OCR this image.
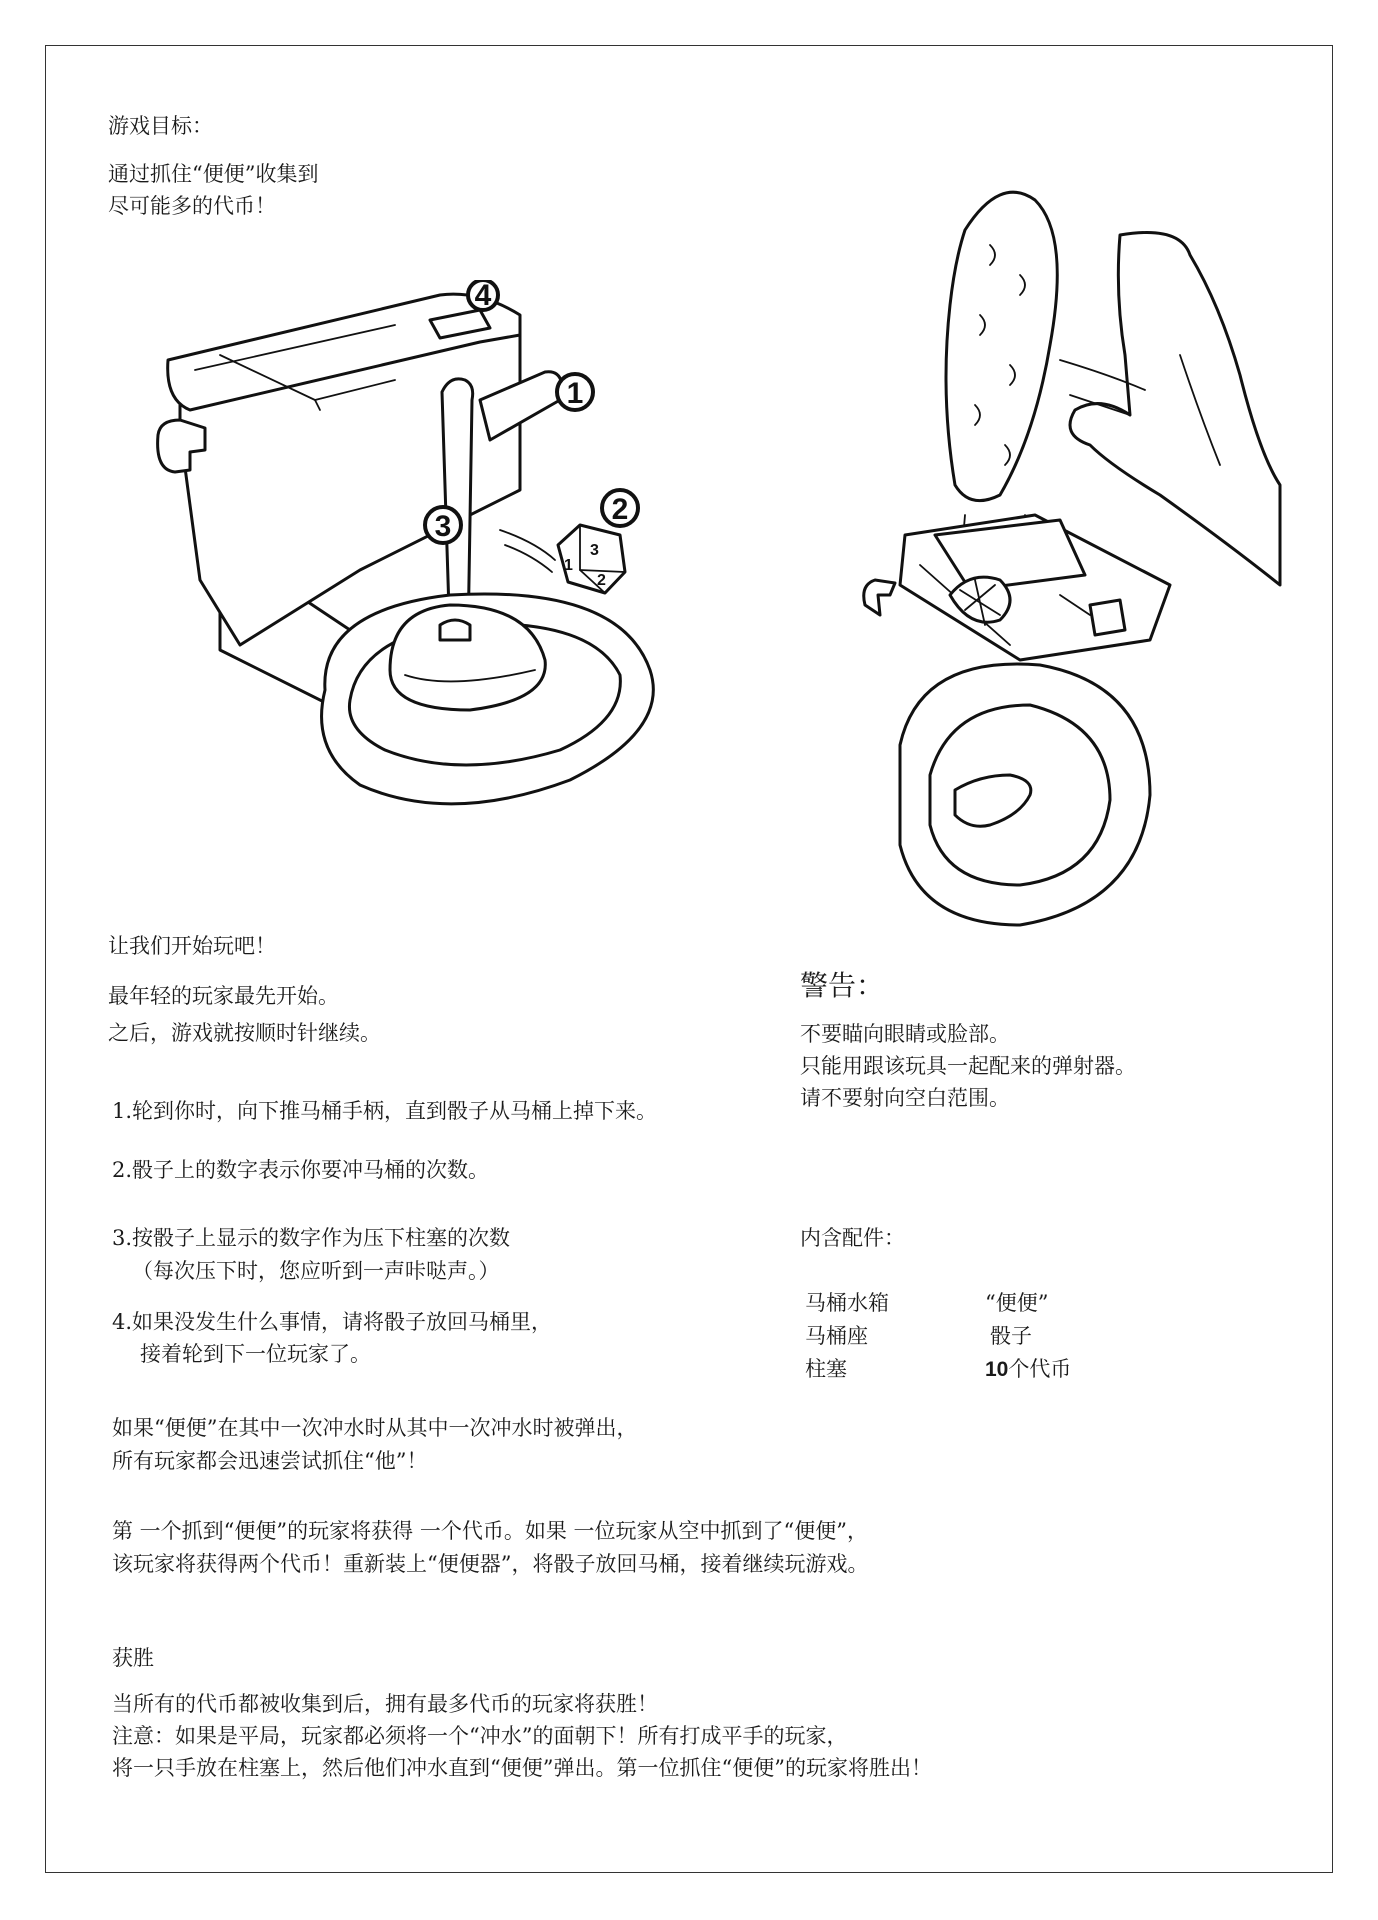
游戏目标：

通过抓住“便便”收集到

尽可能多的代币！

3
1
2
1
2
3
4

让我们开始玩吧！

最年轻的玩家最先开始。

之后，游戏就按顺时针继续。

1.轮到你时，向下推马桶手柄，直到骰子从马桶上掉下来。

2.骰子上的数字表示你要冲马桶的次数。

3.按骰子上显示的数字作为压下柱塞的次数

（每次压下时，您应听到一声咔哒声。）

4.如果没发生什么事情，请将骰子放回马桶里，

接着轮到下一位玩家了。

警告：

不要瞄向眼睛或脸部。

只能用跟该玩具一起配来的弹射器。

请不要射向空白范围。

内含配件：

马桶水箱	“便便”

马桶座	骰子

柱塞	10个代币

如果“便便”在其中一次冲水时从其中一次冲水时被弹出，

所有玩家都会迅速尝试抓住“他”！

第 一个抓到“便便”的玩家将获得 一个代币。如果 一位玩家从空中抓到了“便便”，

该玩家将获得两个代币！重新装上“便便器”，将骰子放回马桶，接着继续玩游戏。

获胜

当所有的代币都被收集到后，拥有最多代币的玩家将获胜！

注意：如果是平局，玩家都必须将一个“冲水”的面朝下！所有打成平手的玩家，

将一只手放在柱塞上，然后他们冲水直到“便便”弹出。第一位抓住“便便”的玩家将胜出！
